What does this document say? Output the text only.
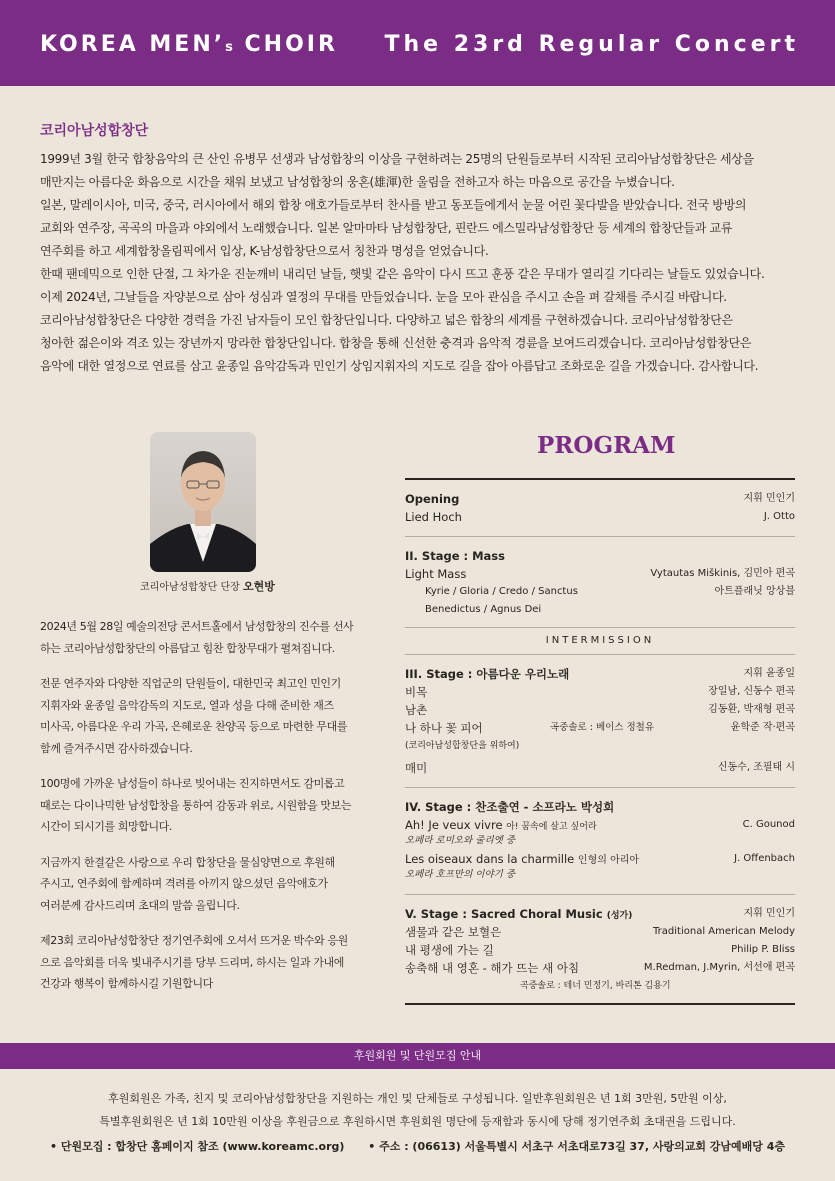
KOREA MEN’s CHOIR The 23rd Regular Concert
코리아남성합창단

1999년 3월 한국 합창음악의 큰 산인 유병무 선생과 남성합창의 이상을 구현하려는 25명의 단원들로부터 시작된 코리아남성합창단은 세상을

매만지는 아름다운 화음으로 시간을 채워 보냈고 남성합창의 웅혼(雄渾)한 울림을 전하고자 하는 마음으로 공간을 누볐습니다.

일본, 말레이시아, 미국, 중국, 러시아에서 해외 합창 애호가들로부터 찬사를 받고 동포들에게서 눈물 어린 꽃다발을 받았습니다. 전국 방방의

교회와 연주장, 곡곡의 마을과 야외에서 노래했습니다. 일본 알마마타 남성합창단, 핀란드 에스밀라남성합창단 등 세계의 합창단들과 교류

연주회를 하고 세계합창올림픽에서 입상, K-남성합창단으로서 칭찬과 명성을 얻었습니다.

한때 팬데믹으로 인한 단절, 그 차가운 진눈깨비 내리던 날들, 햇빛 같은 음악이 다시 뜨고 훈풍 같은 무대가 열리길 기다리는 날들도 있었습니다.

이제 2024년, 그날들을 자양분으로 삼아 성심과 열정의 무대를 만들었습니다. 눈을 모아 관심을 주시고 손을 펴 갈채를 주시길 바랍니다.

코리아남성합창단은 다양한 경력을 가진 남자들이 모인 합창단입니다. 다양하고 넓은 합창의 세계를 구현하겠습니다. 코리아남성합창단은

청아한 젊은이와 격조 있는 장년까지 망라한 합창단입니다. 합창을 통해 신선한 충격과 음악적 경륜을 보여드리겠습니다. 코리아남성합창단은

음악에 대한 열정으로 연료를 삼고 윤종일 음악감독과 민인기 상임지휘자의 지도로 길을 잡아 아름답고 조화로운 길을 가겠습니다. 감사합니다.

코리아남성합창단 단장 오현방

2024년 5월 28일 예술의전당 콘서트홀에서 남성합창의 진수를 선사
하는 코리아남성합창단의 아름답고 힘찬 합창무대가 펼쳐집니다.

전문 연주자와 다양한 직업군의 단원들이, 대한민국 최고인 민인기
지휘자와 윤종일 음악감독의 지도로, 열과 성을 다해 준비한 재즈
미사곡, 아름다운 우리 가곡, 은혜로운 찬양곡 등으로 마련한 무대를
함께 즐겨주시면 감사하겠습니다.

100명에 가까운 남성들이 하나로 빚어내는 진지하면서도 감미롭고
때로는 다이나믹한 남성합창을 통하여 감동과 위로, 시원함을 맛보는
시간이 되시기를 희망합니다.

지금까지 한결같은 사랑으로 우리 합창단을 물심양면으로 후원해
주시고, 연주회에 함께하며 격려를 아끼지 않으셨던 음악애호가
여러분께 감사드리며 초대의 말씀 올립니다.

제23회 코리아남성합창단 정기연주회에 오셔서 뜨거운 박수와 응원
으로 음악회를 더욱 빛내주시기를 당부 드리며, 하시는 일과 가내에
건강과 행복이 함께하시길 기원합니다

PROGRAM
Opening	지휘 민인기
Lied Hoch	J. Otto
II. Stage : Mass
Light Mass	Vytautas Miškinis, 김민아 편곡
Kyrie / Gloria / Credo / Sanctus	아트플래닛 앙상블
Benedictus / Agnus Dei
INTERMISSION
III. Stage : 아름다운 우리노래	지휘 윤종일
비목	장일남, 신동수 편곡
남촌	김동환, 박재형 편곡
나 하나 꽃 피어	곡중솔로 : 베이스 정철유	윤학준 작·편곡
(코리아남성합창단을 위하여)
매미	신동수, 조필태 시
IV. Stage : 찬조출연 - 소프라노 박성희
Ah! Je veux vivre 아! 꿈속에 살고 싶어라	C. Gounod
오페라 로미오와 줄리엣 중
Les oiseaux dans la charmille 인형의 아리아	J. Offenbach
오페라 호프만의 이야기 중
V. Stage : Sacred Choral Music (성가)	지휘 민인기
샘물과 같은 보혈은	Traditional American Melody
내 평생에 가는 길	Philip P. Bliss
송축해 내 영혼 - 해가 뜨는 새 아침	M.Redman, J.Myrin, 서선애 편곡
곡중솔로 : 테너 민정기, 바리톤 김용기
후원회원 및 단원모집 안내

후원회원은 가족, 친지 및 코리아남성합창단을 지원하는 개인 및 단체들로 구성됩니다. 일반후원회원은 년 1회 3만원, 5만원 이상,

특별후원회원은 년 1회 10만원 이상을 후원금으로 후원하시면 후원회원 명단에 등재함과 동시에 당해 정기연주회 초대권을 드립니다.

• 단원모집 : 합창단 홈페이지 참조 (www.koreamc.org) • 주소 : (06613) 서울특별시 서초구 서초대로73길 37, 사랑의교회 강남예배당 4층
